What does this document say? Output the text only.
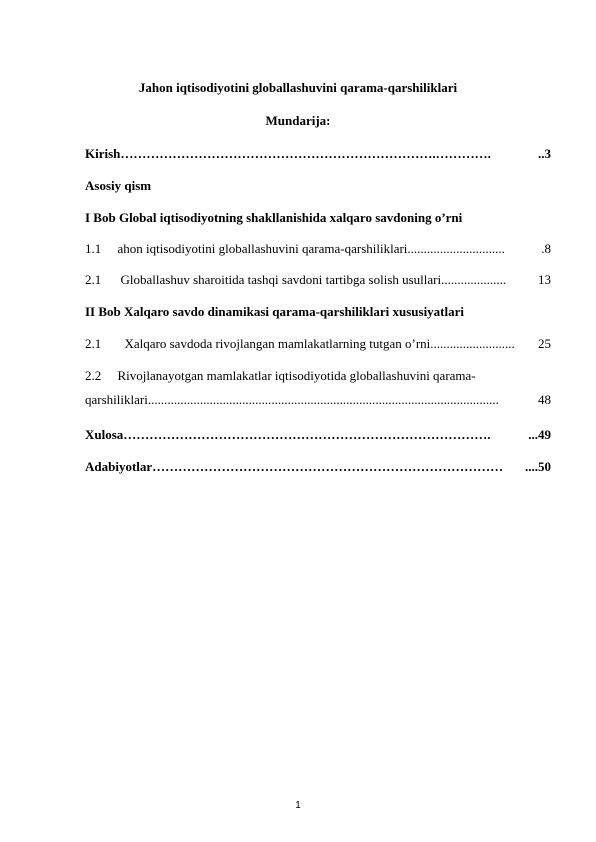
Jahon iqtisodiyotini globallashuvini qarama-qarshiliklari
Mundarija:
Kirish ……………………………………………………………….………….	..3
Asosiy qism
I Bob Global iqtisodiyotning shakllanishida xalqaro savdoning o’rni
1.1 ahon iqtisodiyotini globallashuvini qarama-qarshiliklari ..............................	.8
2.1 Globallashuv sharoitida tashqi savdoni tartibga solish usullari ....................	13
II Bob Xalqaro savdo dinamikasi qarama-qarshiliklari xususiyatlari
2.1 Xalqaro savdoda rivojlangan mamlakatlarning tutgan o’rni ..........................	25
2.2 Rivojlanayotgan mamlakatlar iqtisodiyotida globallashuvini qarama-
qarshiliklari ............................................................................................................	48
Xulosa ………………………………………………………………………….	...49
Adabiyotlar ………………………………………………………………………	....50
1
